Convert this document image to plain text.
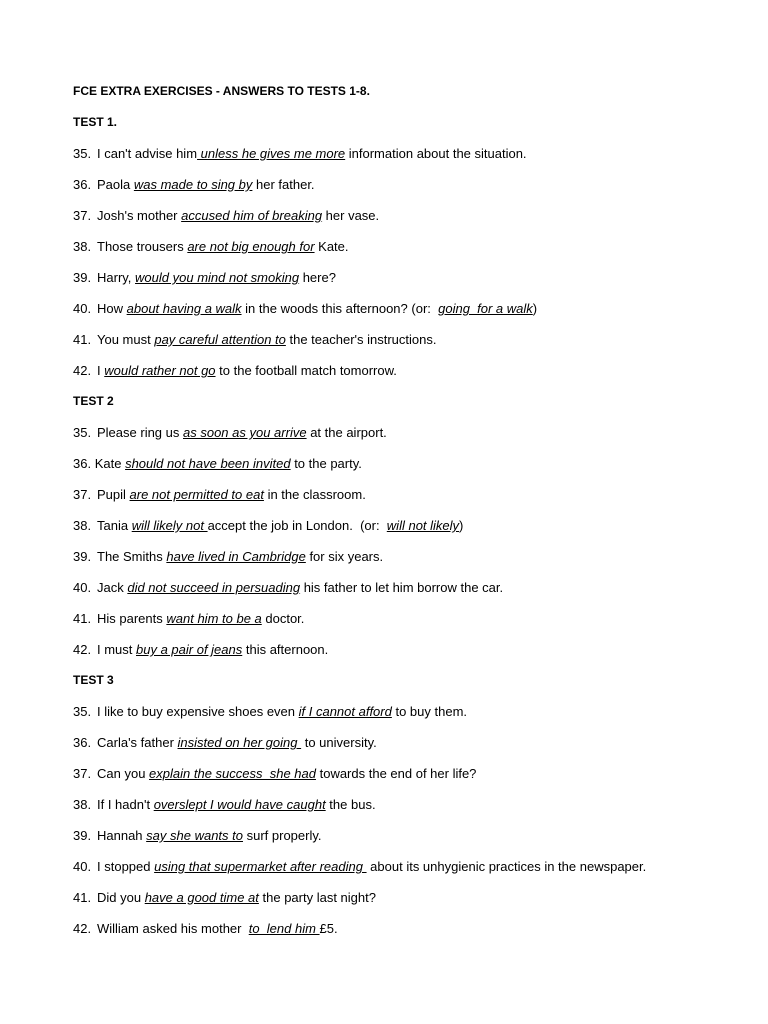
FCE EXTRA EXERCISES - ANSWERS TO TESTS 1-8.
TEST 1.
35. I can't advise him unless he gives me more information about the situation.
36. Paola was made to sing by her father.
37. Josh's mother accused him of breaking her vase.
38. Those trousers are not big enough for Kate.
39. Harry, would you mind not smoking here?
40. How about having a walk in the woods this afternoon? (or:  going  for a walk)
41. You must pay careful attention to the teacher's instructions.
42. I would rather not go to the football match tomorrow.
TEST 2
35. Please ring us as soon as you arrive at the airport.
36. Kate should not have been invited to the party.
37. Pupil are not permitted to eat in the classroom.
38. Tania will likely not accept the job in London.  (or:  will not likely)
39. The Smiths have lived in Cambridge for six years.
40. Jack did not succeed in persuading his father to let him borrow the car.
41. His parents want him to be a doctor.
42. I must buy a pair of jeans this afternoon.
TEST 3
35. I like to buy expensive shoes even if I cannot afford to buy them.
36. Carla's father insisted on her going  to university.
37. Can you explain the success  she had towards the end of her life?
38. If I hadn't overslept I would have caught the bus.
39. Hannah say she wants to surf properly.
40. I stopped using that supermarket after reading  about its unhygienic practices in the newspaper.
41. Did you have a good time at the party last night?
42. William asked his mother  to  lend him £5.
